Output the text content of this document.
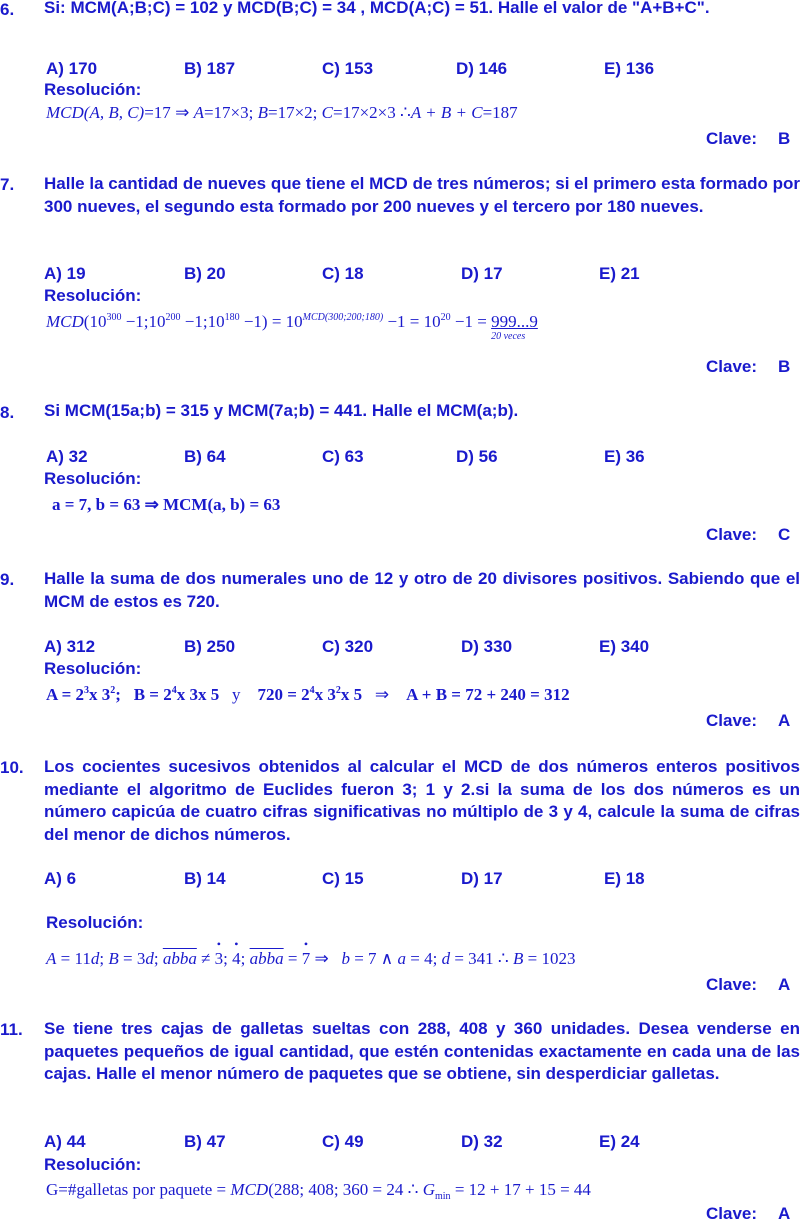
6. Si: MCM(A;B;C) = 102 y MCD(B;C) = 34 , MCD(A;C) = 51. Halle el valor de "A+B+C".
A) 170	B) 187	C) 153	D) 146	E) 136
Resolución:
MCD(A, B, C)=17 ⇒ A=17×3; B=17×2; C=17×2×3 ∴A + B + C=187
Clave: B
7. Halle la cantidad de nueves que tiene el MCD de tres números; si el primero esta formado por 300 nueves, el segundo esta formado por 200 nueves y el tercero por 180 nueves.
A) 19	B) 20	C) 18	D) 17	E) 21
Resolución:
$MCD(10^{300}$ $-1;10^{200}$ $-1;10^{180} -1) = 10^{MCD(300;200;180)} -1 = 10^{20} -1$ =
20 veces
999...9
Clave: B
8. Si MCM(15a;b) = 315 y MCM(7a;b) = 441. Halle el MCM(a;b).
A) 32	B) 64	C) 63	D) 56	E) 36
Resolución:
a = 7, b = 63 ⇒ MCM(a, b) = 63
Clave: C
9. Halle la suma de dos numerales uno de 12 y otro de 20 divisores positivos. Sabiendo que el MCM de estos es 720.
A) 312	B) 250	C) 320	D) 330	E) 340
Resolución:
$A = 2^3x$ $3^2$; $B = 2^4x$ 3x 5 y $720 = 2^4x$ $3^2x$ 5 ⇒ A + B = 72 + 240 = 312
Clave: A
10. Los cocientes sucesivos obtenidos al calcular el MCD de dos números enteros positivos mediante el algoritmo de Euclides fueron 3; 1 y 2.si la suma de los dos números es un número capicúa de cuatro cifras significativas no múltiplo de 3 y 4, calcule la suma de cifras del menor de dichos números.
A) 6	B) 14	C) 15	D) 17	E) 18
Resolución:
A = 11d; B = 3d; abba ≠ • 3; • 4; abba = • 7 ⇒   b = 7 ∧ a = 4; d = 341 ∴ B = 1023
Clave: A
11. Se tiene tres cajas de galletas sueltas con 288, 408 y 360 unidades. Desea venderse en paquetes pequeños de igual cantidad, que estén contenidas exactamente en cada una de las cajas. Halle el menor número de paquetes que se obtiene, sin desperdiciar galletas.
A) 44	B) 47	C) 49	D) 32	E) 24
Resolución:
G=#galletas por paquete = MCD(288; 408; 360 = 24 ∴ $G_{min} = 12 + 17 + 15 = 44$
Clave: A
